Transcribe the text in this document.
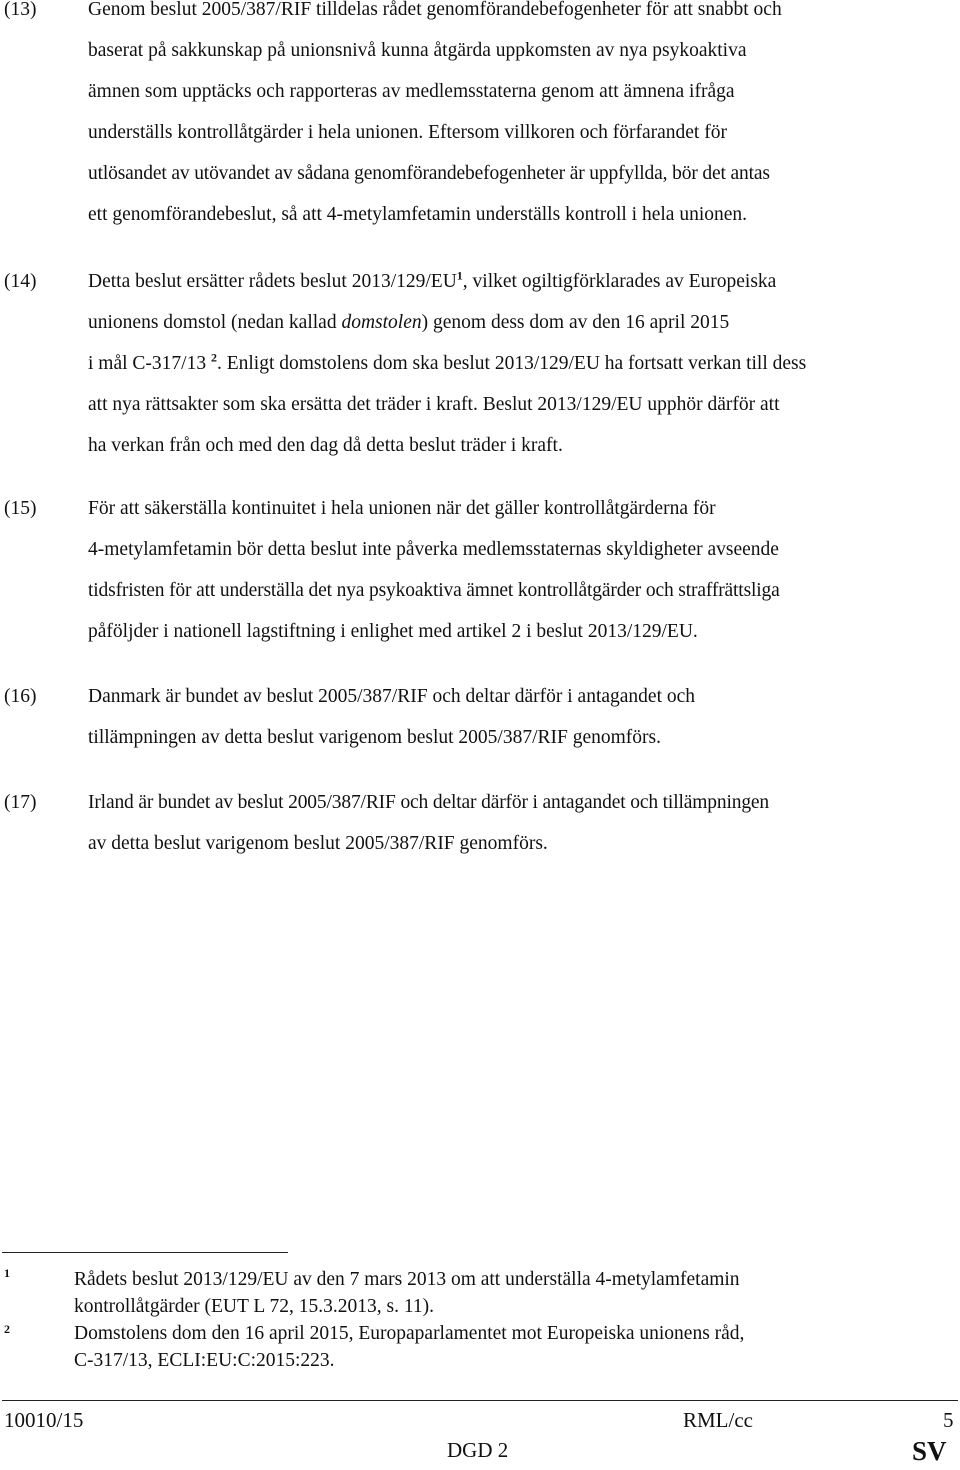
(13)	Genom beslut 2005/387/RIF tilldelas rådet genomförandebefogenheter för att snabbt och
baserat på sakkunskap på unionsnivå kunna åtgärda uppkomsten av nya psykoaktiva
ämnen som upptäcks och rapporteras av medlemsstaterna genom att ämnena ifråga
underställs kontrollåtgärder i hela unionen. Eftersom villkoren och förfarandet för
utlösandet av utövandet av sådana genomförandebefogenheter är uppfyllda, bör det antas
ett genomförandebeslut, så att 4-metylamfetamin underställs kontroll i hela unionen.
(14)	Detta beslut ersätter rådets beslut $2013/129/EU^1$, vilket ogiltigförklarades av Europeiska
unionens domstol (nedan kallad domstolen) genom dess dom av den 16 april 2015
i mål C-317/13 $^2$. Enligt domstolens dom ska beslut 2013/129/EU ha fortsatt verkan till dess
att nya rättsakter som ska ersätta det träder i kraft. Beslut 2013/129/EU upphör därför att
ha verkan från och med den dag då detta beslut träder i kraft.
(15)	För att säkerställa kontinuitet i hela unionen när det gäller kontrollåtgärderna för
4-metylamfetamin bör detta beslut inte påverka medlemsstaternas skyldigheter avseende
tidsfristen för att underställa det nya psykoaktiva ämnet kontrollåtgärder och straffrättsliga
påföljder i nationell lagstiftning i enlighet med artikel 2 i beslut 2013/129/EU.
(16)	Danmark är bundet av beslut 2005/387/RIF och deltar därför i antagandet och
tillämpningen av detta beslut varigenom beslut 2005/387/RIF genomförs.
(17)	Irland är bundet av beslut 2005/387/RIF och deltar därför i antagandet och tillämpningen
av detta beslut varigenom beslut 2005/387/RIF genomförs.
1	Rådets beslut 2013/129/EU av den 7 mars 2013 om att underställa 4-metylamfetamin
kontrollåtgärder (EUT L 72, 15.3.2013, s. 11).
2	Domstolens dom den 16 april 2015, Europaparlamentet mot Europeiska unionens råd,
C-317/13, ECLI:EU:C:2015:223.
10010/15	RML/cc	5
DGD 2	SV
